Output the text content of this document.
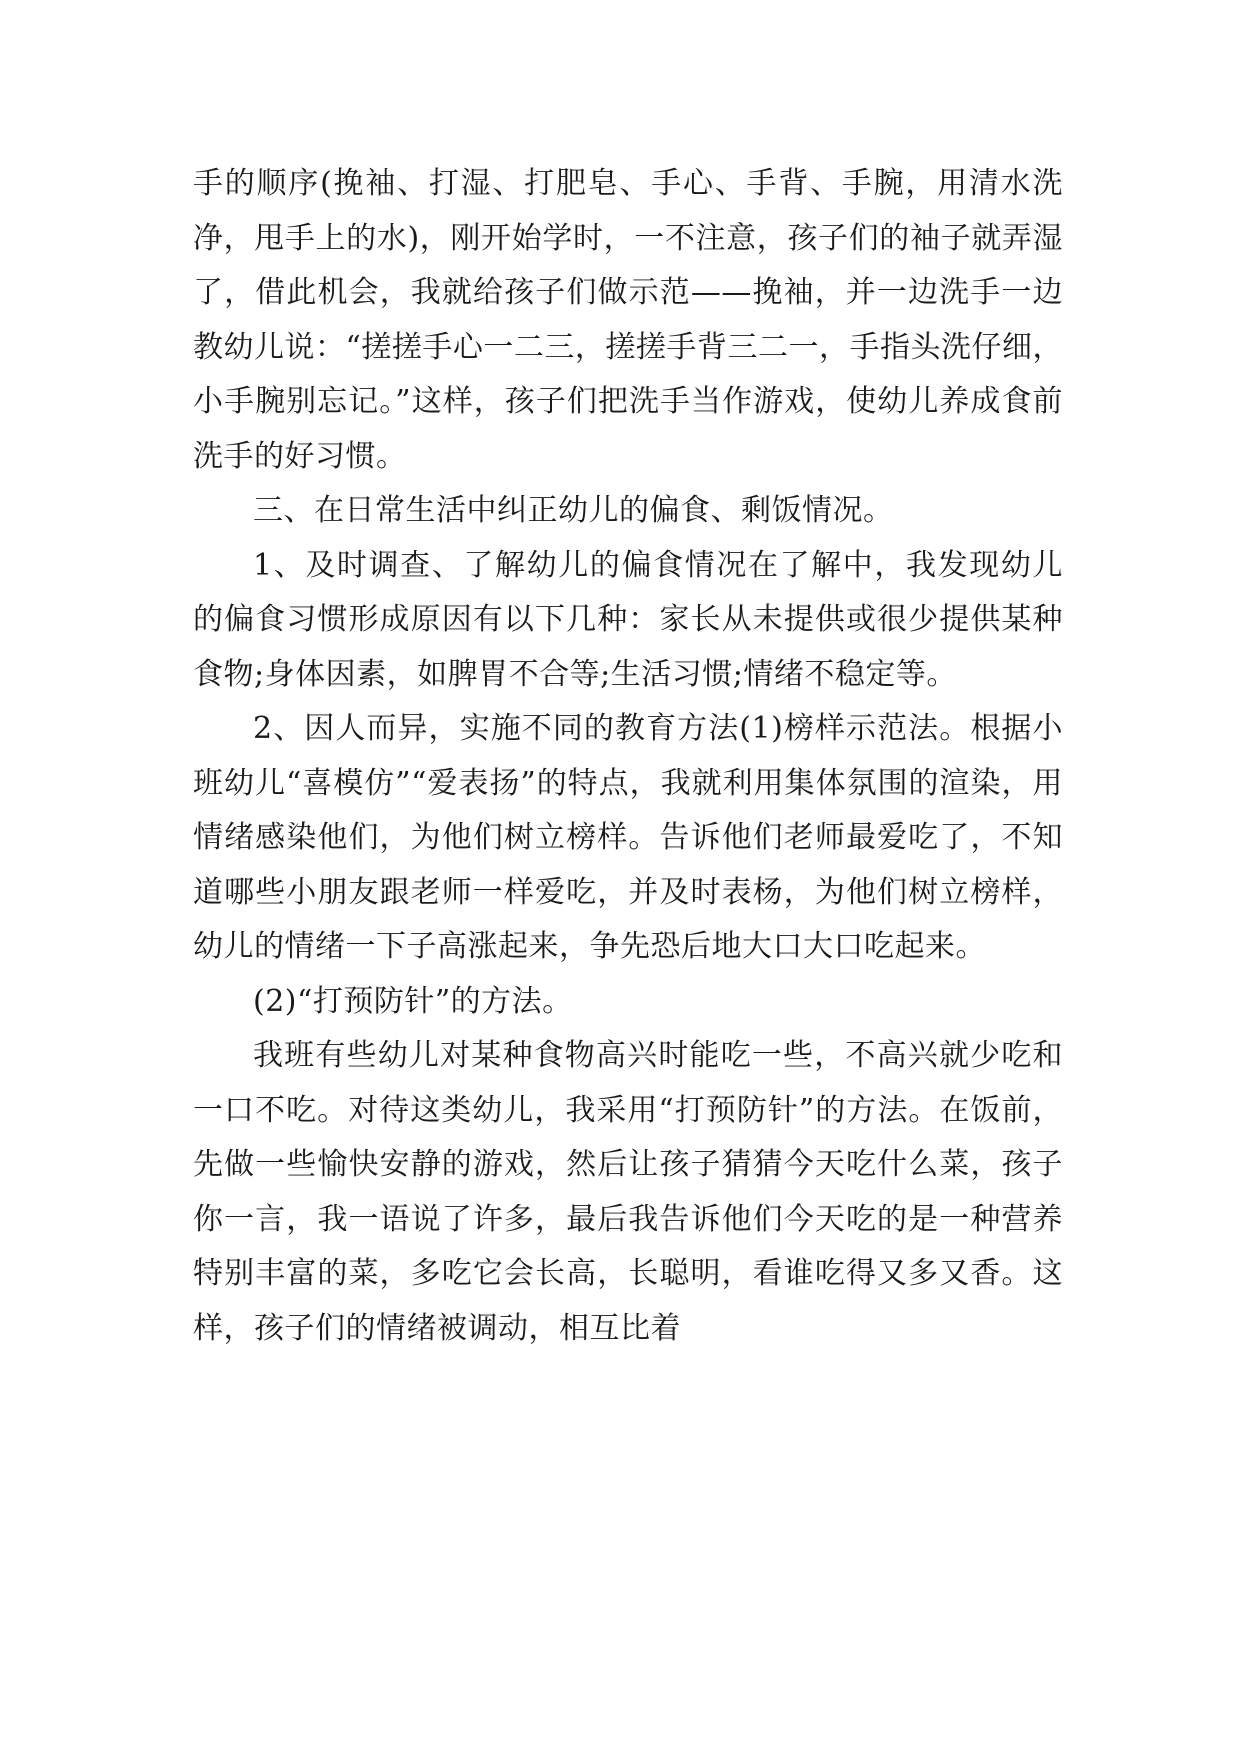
手的顺序(挽袖、打湿、打肥皂、手心、手背、手腕，用清水洗净，甩手上的水)，刚开始学时，一不注意，孩子们的袖子就弄湿了，借此机会，我就给孩子们做示范——挽袖，并一边洗手一边教幼儿说：“搓搓手心一二三，搓搓手背三二一，手指头洗仔细，小手腕别忘记。”这样，孩子们把洗手当作游戏，使幼儿养成食前洗手的好习惯。

三、在日常生活中纠正幼儿的偏食、剩饭情况。

1、及时调查、了解幼儿的偏食情况在了解中，我发现幼儿的偏食习惯形成原因有以下几种：家长从未提供或很少提供某种食物;身体因素，如脾胃不合等;生活习惯;情绪不稳定等。

2、因人而异，实施不同的教育方法(1)榜样示范法。根据小班幼儿“喜模仿”“爱表扬”的特点，我就利用集体氛围的渲染，用情绪感染他们，为他们树立榜样。告诉他们老师最爱吃了，不知道哪些小朋友跟老师一样爱吃，并及时表杨，为他们树立榜样，幼儿的情绪一下子高涨起来，争先恐后地大口大口吃起来。

(2)“打预防针”的方法。

我班有些幼儿对某种食物高兴时能吃一些，不高兴就少吃和一口不吃。对待这类幼儿，我采用“打预防针”的方法。在饭前，先做一些愉快安静的游戏，然后让孩子猜猜今天吃什么菜，孩子你一言，我一语说了许多，最后我告诉他们今天吃的是一种营养特别丰富的菜，多吃它会长高，长聪明，看谁吃得又多又香。这样，孩子们的情绪被调动，相互比着
